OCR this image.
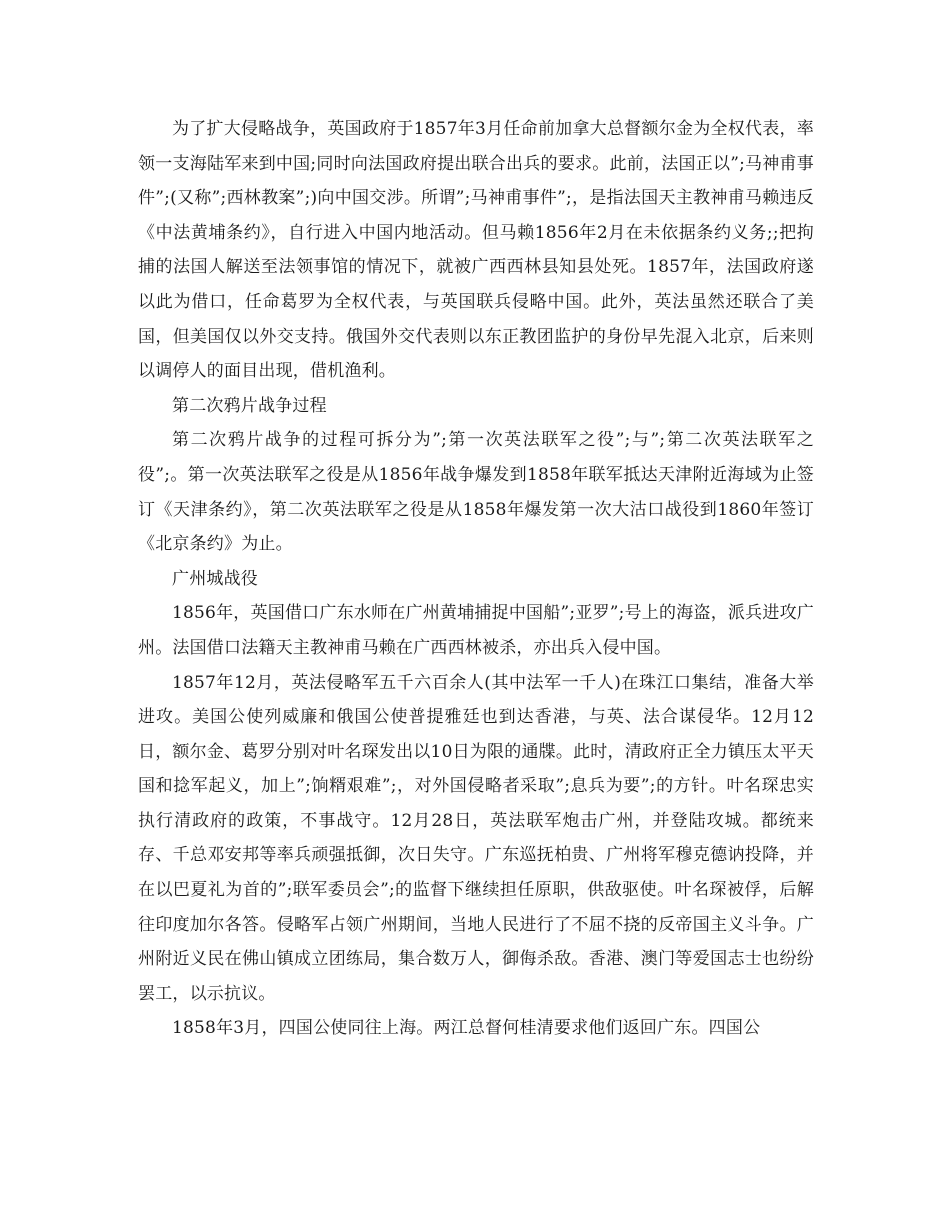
为了扩大侵略战争，英国政府于1857年3月任命前加拿大总督额尔金为全权代表，率领一支海陆军来到中国;同时向法国政府提出联合出兵的要求。此前，法国正以”;马神甫事件”;(又称”;西林教案”;)向中国交涉。所谓”;马神甫事件”;，是指法国天主教神甫马赖违反《中法黄埔条约》，自行进入中国内地活动。但马赖1856年2月在未依据条约义务;;把拘捕的法国人解送至法领事馆的情况下，就被广西西林县知县处死。1857年，法国政府遂以此为借口，任命葛罗为全权代表，与英国联兵侵略中国。此外，英法虽然还联合了美国，但美国仅以外交支持。俄国外交代表则以东正教团监护的身份早先混入北京，后来则以调停人的面目出现，借机渔利。

第二次鸦片战争过程

第二次鸦片战争的过程可拆分为”;第一次英法联军之役”;与”;第二次英法联军之役”;。第一次英法联军之役是从1856年战争爆发到1858年联军抵达天津附近海域为止签订《天津条约》，第二次英法联军之役是从1858年爆发第一次大沽口战役到1860年签订《北京条约》为止。

广州城战役

1856年，英国借口广东水师在广州黄埔捕捉中国船”;亚罗”;号上的海盗，派兵进攻广州。法国借口法籍天主教神甫马赖在广西西林被杀，亦出兵入侵中国。

1857年12月，英法侵略军五千六百余人(其中法军一千人)在珠江口集结，准备大举进攻。美国公使列威廉和俄国公使普提雅廷也到达香港，与英、法合谋侵华。12月12日，额尔金、葛罗分别对叶名琛发出以10日为限的通牒。此时，清政府正全力镇压太平天国和捻军起义，加上”;饷糈艰难”;，对外国侵略者采取”;息兵为要”;的方针。叶名琛忠实执行清政府的政策，不事战守。12月28日，英法联军炮击广州，并登陆攻城。都统来存、千总邓安邦等率兵顽强抵御，次日失守。广东巡抚柏贵、广州将军穆克德讷投降，并在以巴夏礼为首的”;联军委员会”;的监督下继续担任原职，供敌驱使。叶名琛被俘，后解往印度加尔各答。侵略军占领广州期间，当地人民进行了不屈不挠的反帝国主义斗争。广州附近义民在佛山镇成立团练局，集合数万人，御侮杀敌。香港、澳门等爱国志士也纷纷罢工，以示抗议。

1858年3月，四国公使同往上海。两江总督何桂清要求他们返回广东。四国公
